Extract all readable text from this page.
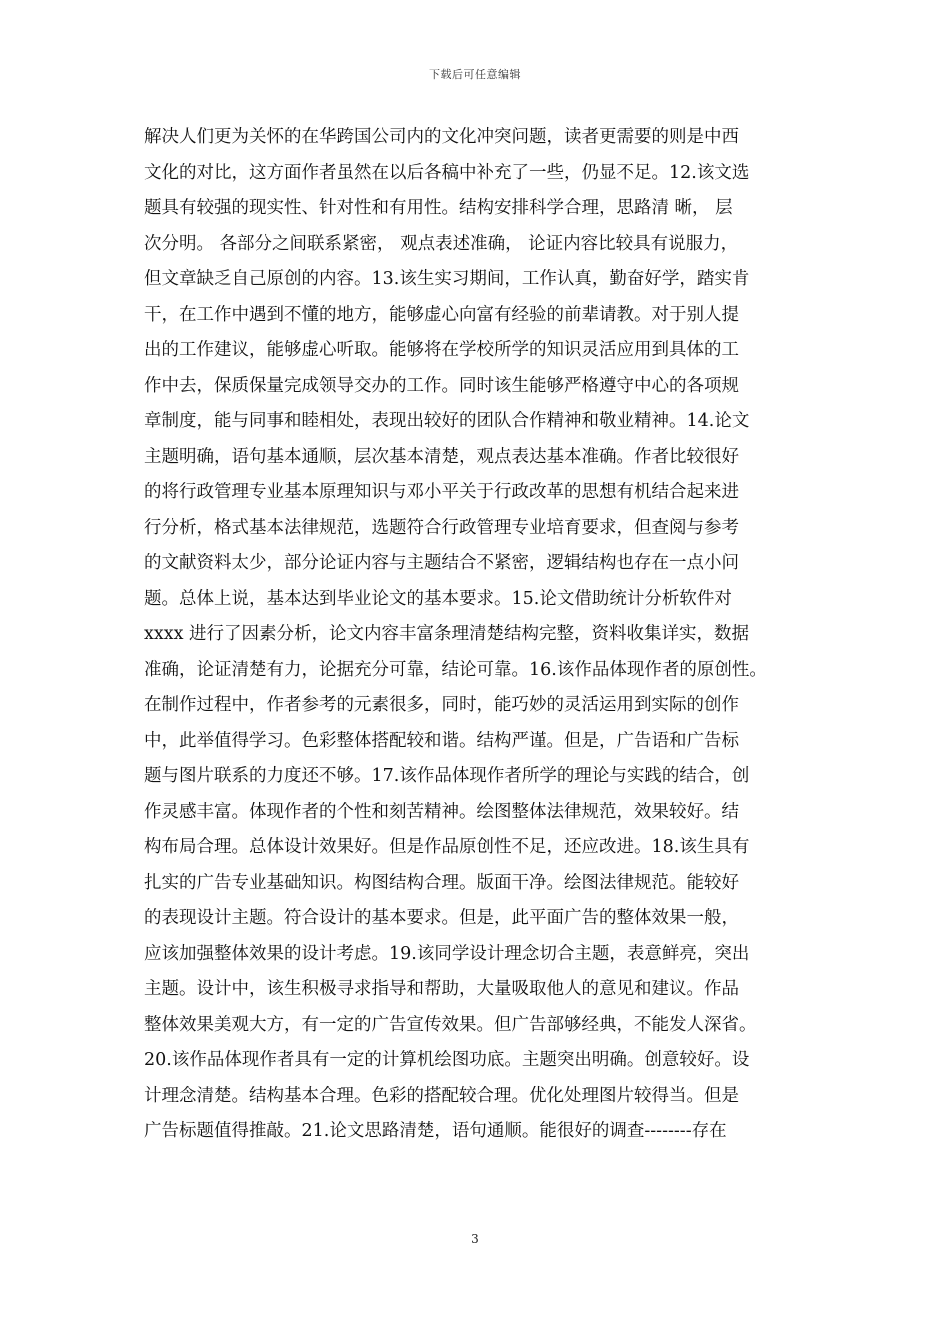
下载后可任意编辑
解决人们更为关怀的在华跨国公司内的文化冲突问题，读者更需要的则是中西
文化的对比，这方面作者虽然在以后各稿中补充了一些，仍显不足。12.该文选
题具有较强的现实性、针对性和有用性。结构安排科学合理，思路清 晰， 层
次分明。 各部分之间联系紧密， 观点表述准确， 论证内容比较具有说服力，
但文章缺乏自己原创的内容。13.该生实习期间，工作认真，勤奋好学，踏实肯
干，在工作中遇到不懂的地方，能够虚心向富有经验的前辈请教。对于别人提
出的工作建议，能够虚心听取。能够将在学校所学的知识灵活应用到具体的工
作中去，保质保量完成领导交办的工作。同时该生能够严格遵守中心的各项规
章制度，能与同事和睦相处，表现出较好的团队合作精神和敬业精神。14.论文
主题明确，语句基本通顺，层次基本清楚，观点表达基本准确。作者比较很好
的将行政管理专业基本原理知识与邓小平关于行政改革的思想有机结合起来进
行分析，格式基本法律规范，选题符合行政管理专业培育要求，但查阅与参考
的文献资料太少，部分论证内容与主题结合不紧密，逻辑结构也存在一点小问
题。总体上说，基本达到毕业论文的基本要求。15.论文借助统计分析软件对
xxxx 进行了因素分析，论文内容丰富条理清楚结构完整，资料收集详实，数据
准确，论证清楚有力，论据充分可靠，结论可靠。16.该作品体现作者的原创性。
在制作过程中，作者参考的元素很多，同时，能巧妙的灵活运用到实际的创作
中，此举值得学习。色彩整体搭配较和谐。结构严谨。但是，广告语和广告标
题与图片联系的力度还不够。17.该作品体现作者所学的理论与实践的结合，创
作灵感丰富。体现作者的个性和刻苦精神。绘图整体法律规范，效果较好。结
构布局合理。总体设计效果好。但是作品原创性不足，还应改进。18.该生具有
扎实的广告专业基础知识。构图结构合理。版面干净。绘图法律规范。能较好
的表现设计主题。符合设计的基本要求。但是，此平面广告的整体效果一般，
应该加强整体效果的设计考虑。19.该同学设计理念切合主题，表意鲜亮，突出
主题。设计中，该生积极寻求指导和帮助，大量吸取他人的意见和建议。作品
整体效果美观大方，有一定的广告宣传效果。但广告部够经典，不能发人深省。
20.该作品体现作者具有一定的计算机绘图功底。主题突出明确。创意较好。设
计理念清楚。结构基本合理。色彩的搭配较合理。优化处理图片较得当。但是
广告标题值得推敲。21.论文思路清楚，语句通顺。能很好的调查--------存在
3
